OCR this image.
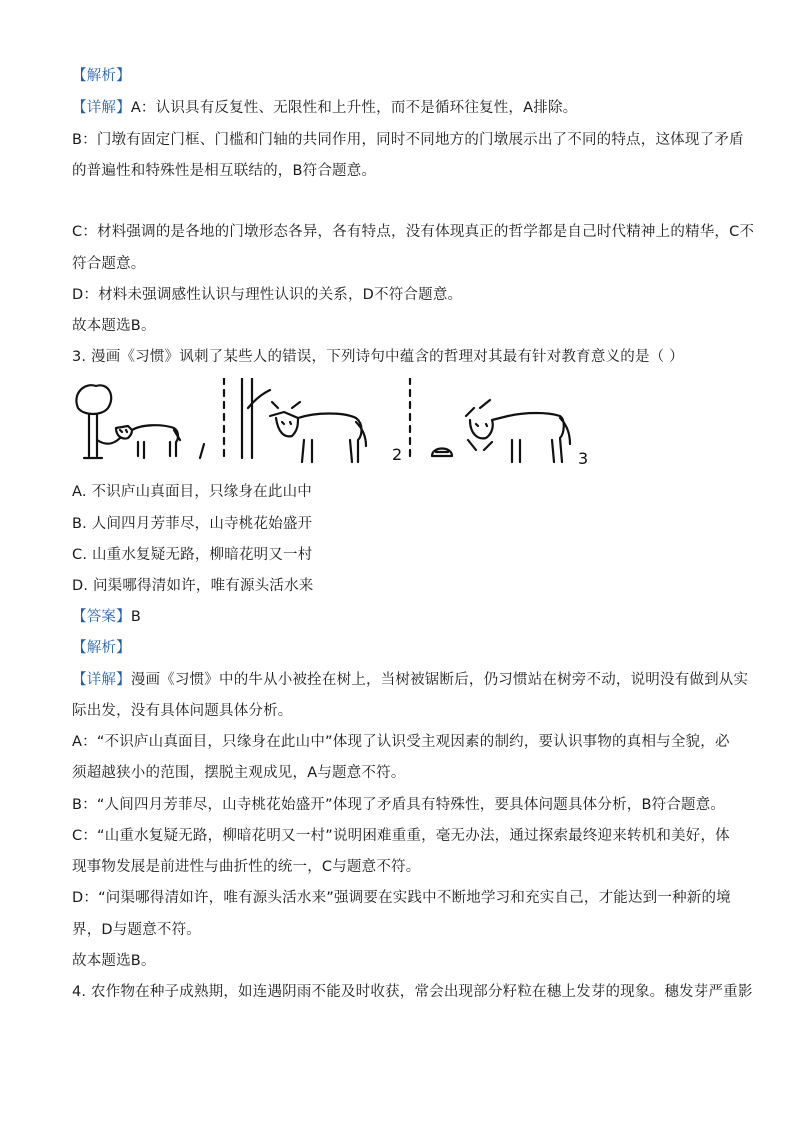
【解析】
【详解】A：认识具有反复性、无限性和上升性，而不是循环往复性，A排除。
B：门墩有固定门框、门槛和门轴的共同作用，同时不同地方的门墩展示出了不同的特点，这体现了矛盾
的普遍性和特殊性是相互联结的，B符合题意。
C：材料强调的是各地的门墩形态各异，各有特点，没有体现真正的哲学都是自己时代精神上的精华，C不
符合题意。
D：材料未强调感性认识与理性认识的关系，D不符合题意。
故本题选B。
3. 漫画《习惯》讽刺了某些人的错误，下列诗句中蕴含的哲理对其最有针对教育意义的是（ ）
2	3
A. 不识庐山真面目，只缘身在此山中
B. 人间四月芳菲尽，山寺桃花始盛开
C. 山重水复疑无路，柳暗花明又一村
D. 问渠哪得清如许，唯有源头活水来
【答案】B
【解析】
【详解】漫画《习惯》中的牛从小被拴在树上，当树被锯断后，仍习惯站在树旁不动，说明没有做到从实
际出发，没有具体问题具体分析。
A：“不识庐山真面目，只缘身在此山中”体现了认识受主观因素的制约，要认识事物的真相与全貌，必
须超越狭小的范围，摆脱主观成见，A与题意不符。
B：“人间四月芳菲尽，山寺桃花始盛开”体现了矛盾具有特殊性，要具体问题具体分析，B符合题意。
C：“山重水复疑无路，柳暗花明又一村”说明困难重重，毫无办法，通过探索最终迎来转机和美好，体
现事物发展是前进性与曲折性的统一，C与题意不符。
D：“问渠哪得清如许，唯有源头活水来”强调要在实践中不断地学习和充实自己，才能达到一种新的境
界，D与题意不符。
故本题选B。
4. 农作物在种子成熟期，如连遇阴雨不能及时收获，常会出现部分籽粒在穗上发芽的现象。穗发芽严重影
